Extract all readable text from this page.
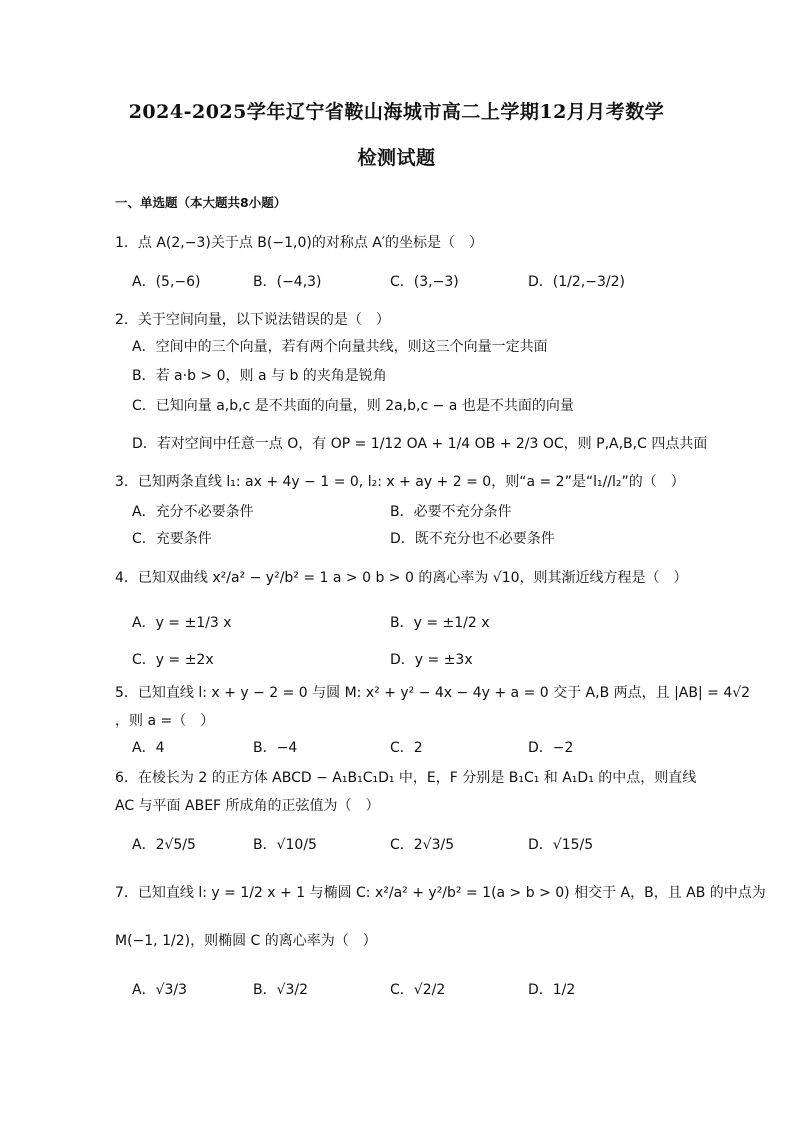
2024-2025学年辽宁省鞍山海城市高二上学期12月月考数学
检测试题
一、单选题（本大题共8小题）
1．点 A(2,−3)关于点 B(−1,0)的对称点 A′的坐标是（　）
A．(5,−6)	B．(−4,3)	C．(3,−3)	D．(1/2,−3/2)
2．关于空间向量，以下说法错误的是（　）
A．空间中的三个向量，若有两个向量共线，则这三个向量一定共面
B．若 a·b > 0，则 a 与 b 的夹角是锐角
C．已知向量 a,b,c 是不共面的向量，则 2a,b,c − a 也是不共面的向量
D．若对空间中任意一点 O，有 OP = 1/12 OA + 1/4 OB + 2/3 OC，则 P,A,B,C 四点共面
3．已知两条直线 l₁: ax + 4y − 1 = 0, l₂: x + ay + 2 = 0，则“a = 2”是“l₁//l₂”的（　）
A．充分不必要条件	B．必要不充分条件
C．充要条件	D．既不充分也不必要条件
4．已知双曲线 x²/a² − y²/b² = 1 a > 0 b > 0 的离心率为 √10，则其渐近线方程是（　）
A．y = ±1/3 x	B．y = ±1/2 x
C．y = ±2x	D．y = ±3x
5．已知直线 l: x + y − 2 = 0 与圆 M: x² + y² − 4x − 4y + a = 0 交于 A,B 两点，且 |AB| = 4√2
，则 a =（　）
A．4	B．−4	C．2	D．−2
6．在棱长为 2 的正方体 ABCD − A₁B₁C₁D₁ 中，E，F 分别是 B₁C₁ 和 A₁D₁ 的中点，则直线
AC 与平面 ABEF 所成角的正弦值为（　）
A．2√5/5	B．√10/5	C．2√3/5	D．√15/5
7．已知直线 l: y = 1/2 x + 1 与椭圆 C: x²/a² + y²/b² = 1(a > b > 0) 相交于 A，B，且 AB 的中点为
M(−1, 1/2)，则椭圆 C 的离心率为（　）
A．√3/3	B．√3/2	C．√2/2	D．1/2
